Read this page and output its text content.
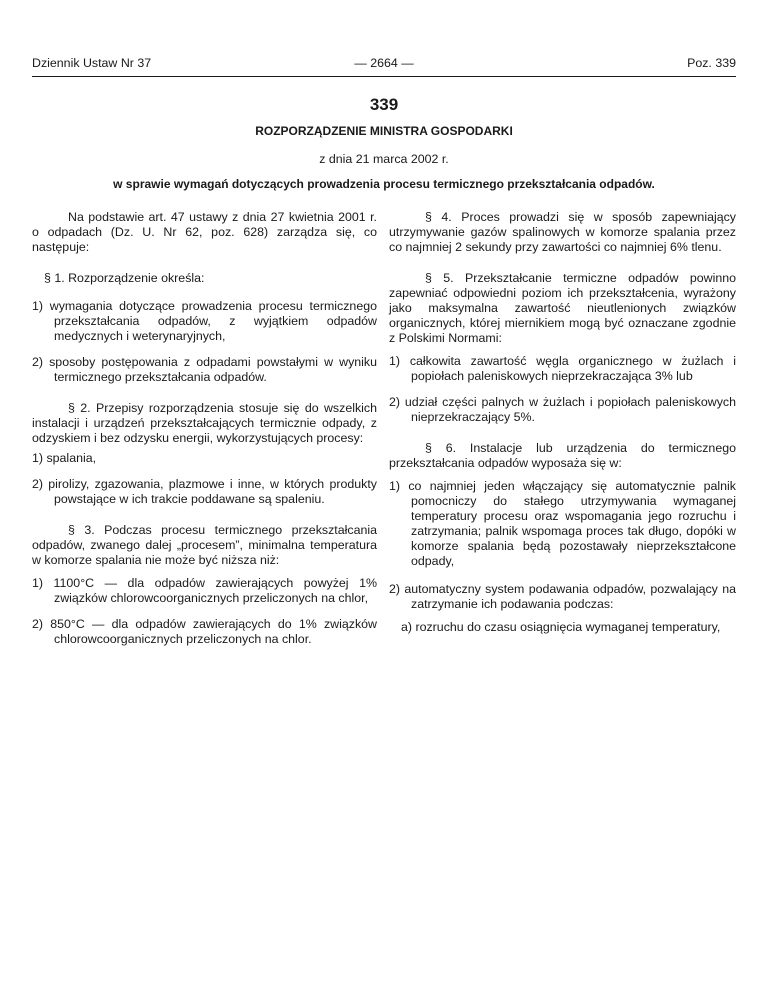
Dziennik Ustaw Nr 37	— 2664 —	Poz. 339
339
ROZPORZĄDZENIE MINISTRA GOSPODARKI
z dnia 21 marca 2002 r.
w sprawie wymagań dotyczących prowadzenia procesu termicznego przekształcania odpadów.

Na podstawie art. 47 ustawy z dnia 27 kwietnia 2001 r. o odpadach (Dz. U. Nr 62, poz. 628) zarządza się, co następuje:

§ 1. Rozporządzenie określa:

1) wymagania dotyczące prowadzenia procesu termicznego przekształcania odpadów, z wyjątkiem odpadów medycznych i weterynaryjnych,

2) sposoby postępowania z odpadami powstałymi w wyniku termicznego przekształcania odpadów.

§ 2. Przepisy rozporządzenia stosuje się do wszelkich instalacji i urządzeń przekształcających termicznie odpady, z odzyskiem i bez odzysku energii, wykorzystujących procesy:

1) spalania,

2) pirolizy, zgazowania, plazmowe i inne, w których produkty powstające w ich trakcie poddawane są spaleniu.

§ 3. Podczas procesu termicznego przekształcania odpadów, zwanego dalej „procesem”, minimalna temperatura w komorze spalania nie może być niższa niż:

1) 1100°C — dla odpadów zawierających powyżej 1% związków chlorowcoorganicznych przeliczonych na chlor,

2) 850°C — dla odpadów zawierających do 1% związków chlorowcoorganicznych przeliczonych na chlor.

§ 4. Proces prowadzi się w sposób zapewniający utrzymywanie gazów spalinowych w komorze spalania przez co najmniej 2 sekundy przy zawartości co najmniej 6% tlenu.

§ 5. Przekształcanie termiczne odpadów powinno zapewniać odpowiedni poziom ich przekształcenia, wyrażony jako maksymalna zawartość nieutlenionych związków organicznych, której miernikiem mogą być oznaczane zgodnie z Polskimi Normami:

1) całkowita zawartość węgla organicznego w żużlach i popiołach paleniskowych nieprzekraczająca 3% lub

2) udział części palnych w żużlach i popiołach paleniskowych nieprzekraczający 5%.

§ 6. Instalacje lub urządzenia do termicznego przekształcania odpadów wyposaża się w:

1) co najmniej jeden włączający się automatycznie palnik pomocniczy do stałego utrzymywania wymaganej temperatury procesu oraz wspomagania jego rozruchu i zatrzymania; palnik wspomaga proces tak długo, dopóki w komorze spalania będą pozostawały nieprzekształcone odpady,

2) automatyczny system podawania odpadów, pozwalający na zatrzymanie ich podawania podczas:

a) rozruchu do czasu osiągnięcia wymaganej temperatury,
